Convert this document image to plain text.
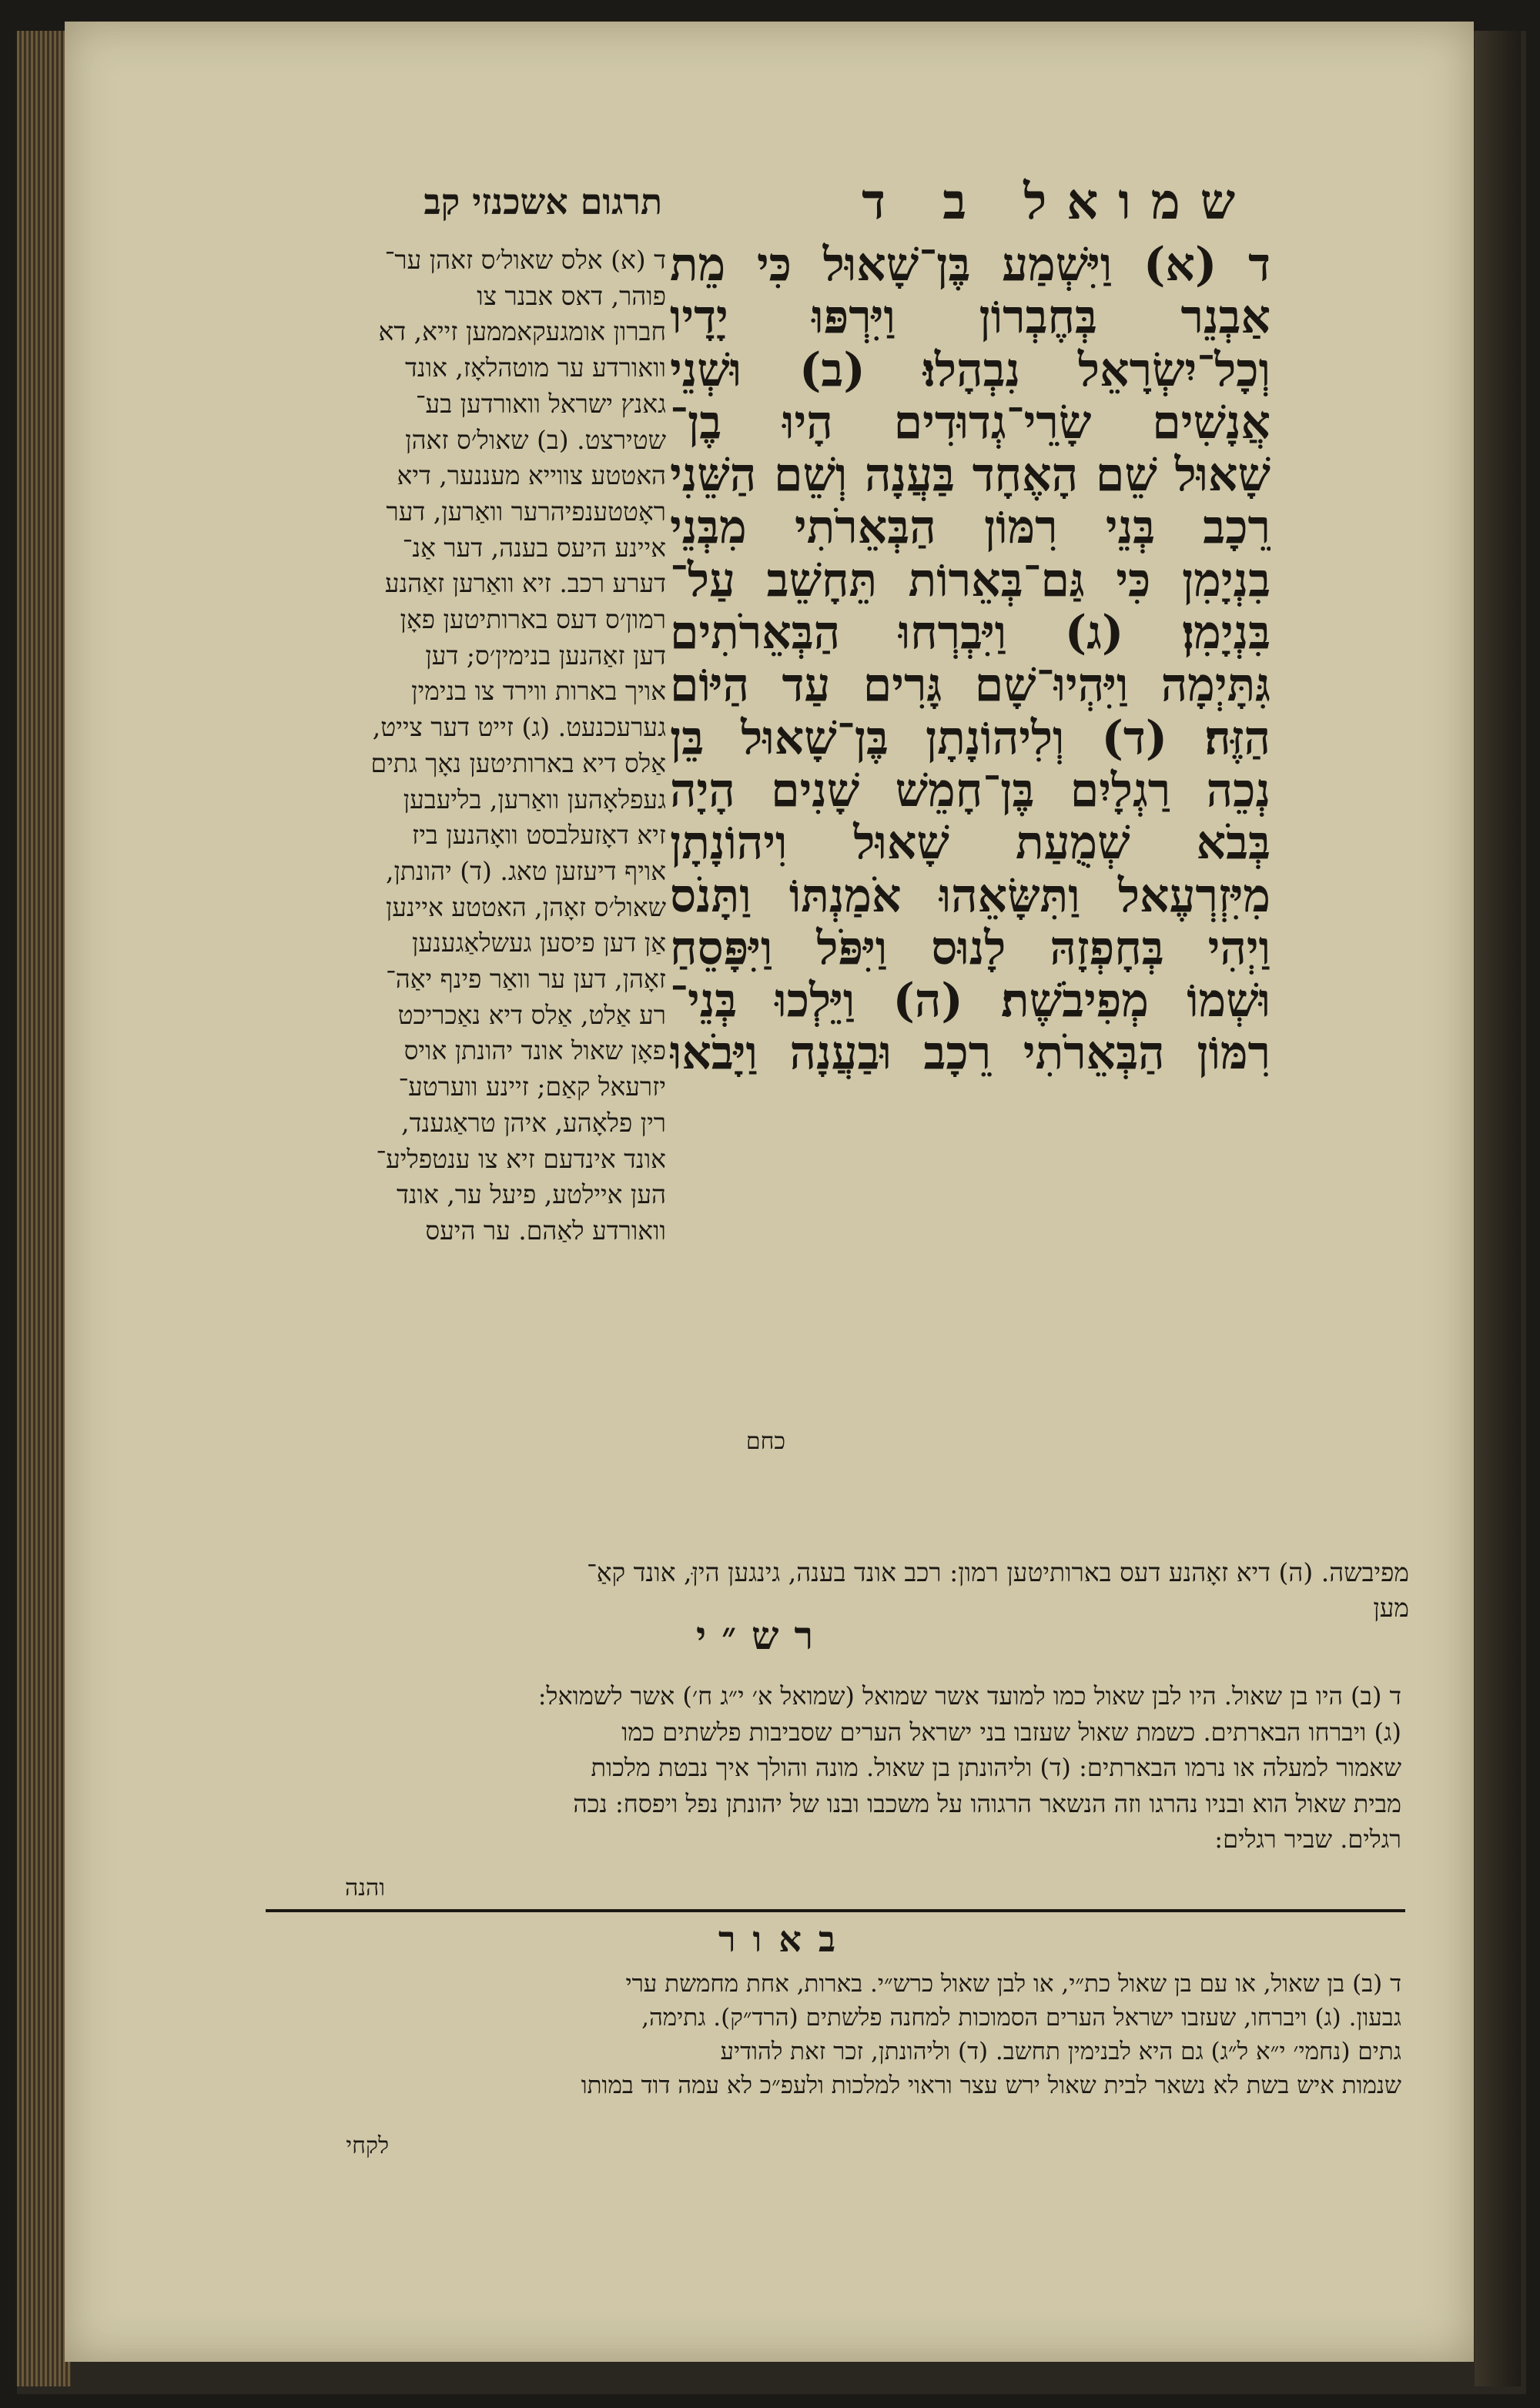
שמואל ב ד
תרגום אשכנזי קב
ד (א) וַיִּשְׁמַע בֶּן־שָׁאוּל כִּי מֵת
אַבְנֵר בְּחֶבְרוֹן וַיִּרְפּוּ יָדָיו
וְכָל־יִשְׂרָאֵל נִבְהָלוּ׃ (ב) וּשְׁנֵי
אֲנָשִׁים שָׂרֵי־גְדוּדִים הָיוּ בֶן־
שָׁאוּל שֵׁם הָאֶחָד בַּעֲנָה וְשֵׁם הַשֵּׁנִי
רֵכָב בְּנֵי רִמּוֹן הַבְּאֵרֹתִי מִבְּנֵי
בִנְיָמִן כִּי גַּם־בְּאֵרוֹת תֵּחָשֵׁב עַל־
בִּנְיָמִן׃ (ג) וַיִּבְרְחוּ הַבְּאֵרֹתִים
גִּתָּיְמָה וַיִּהְיוּ־שָׁם גָּרִים עַד הַיּוֹם
הַזֶּה׃ (ד) וְלִיהוֹנָתָן בֶּן־שָׁאוּל בֵּן
נְכֵה רַגְלָיִם בֶּן־חָמֵשׁ שָׁנִים הָיָה
בְּבֹא שְׁמֻעַת שָׁאוּל וִיהוֹנָתָן
מִיִּזְרְעֶאל וַתִּשָּׂאֵהוּ אֹמַנְתּוֹ וַתָּנֹס
וַיְהִי בְּחָפְזָהּ לָנוּס וַיִּפֹּל וַיִּפָּסֵחַ
וּשְׁמוֹ מְפִיבֹשֶׁת׃ (ה) וַיֵּלְכוּ בְּנֵי־
רִמּוֹן הַבְּאֵרֹתִי רֵכָב וּבַעֲנָה וַיָּבֹאוּ
כחם
ד (א) אלס שאול׳ס זאהן ער־
פוהר, דאס אבנר צו
חברון אומגעקאממען זייא, דא
וואורדע ער מוטהלאָז, אונד
גאנץ ישראל וואורדען בע־
שטירצט. (ב) שאול׳ס זאהן
האטטע צווייא מעננער, דיא
ראָטטענפיהרער וואַרען, דער
איינע היעס בענה, דער אַנ־
דערע רכב. זיא וואַרען זאַהנע
רמון׳ס דעס בארותיטען פאָן
דען זאַהנען בנימין׳ס; דען
אויך בארות ווירד צו בנימין
גערעכנעט. (ג) זייט דער צייט,
אַלס דיא בארותיטען נאָך גתים
געפלאָהען וואַרען, בליעבען
זיא דאָזעלבסט וואָהנען ביז
אויף דיעזען טאג. (ד) יהונתן,
שאול׳ס זאָהן, האטטע איינען
אַן דען פיסען געשלאַגענען
זאָהן, דען ער וואַר פינף יאַה־
רע אַלט, אַלס דיא נאַכריכט
פאָן שאול אונד יהונתן אויס
יזרעאל קאַם; זיינע ווערטע־
רין פלאָהע, איהן טראַגענד,
אונד אינדעם זיא צו ענטפליע־
הען איילטע, פיעל ער, אונד
וואורדע לאַהם. ער היעס
מפיבשה. (ה) דיא זאָהנע דעס בארותיטען רמון: רכב אונד בענה, גינגען היןּ, אונד קאַ־
מען
רש״י
ד (ב) היו בן שאול. היו לבן שאול כמו למועד אשר שמואל (שמואל א׳ י״ג ח׳) אשר לשמואל:
(ג) ויברחו הבארתים. כשמת שאול שעזבו בני ישראל הערים שסביבות פלשתים כמו
שאמור למעלה או נרמו הבארתים: (ד) וליהונתן בן שאול. מונה והולך איך נבטת מלכות
מבית שאול הוא ובניו נהרגו וזה הנשאר הרגוהו על משכבו ובנו של יהונתן נפל ויפסח: נכה
רגלים. שביר רגלים:
והנה
באור
ד (ב) בן שאול, או עם בן שאול כת״י, או לבן שאול כרש״י. בארות, אחת מחמשת ערי
גבעון. (ג) ויברחו, שעזבו ישראל הערים הסמוכות למחנה פלשתים (הרד״ק). גתימה,
גתים (נחמי׳ י״א ל״ג) גם היא לבנימין תחשב. (ד) וליהונתן, זכר זאת להודיע
שנמות איש בשת לא נשאר לבית שאול ירש עצר וראוי למלכות ולעפ״כ לא עמה דוד במותו
לקחי
